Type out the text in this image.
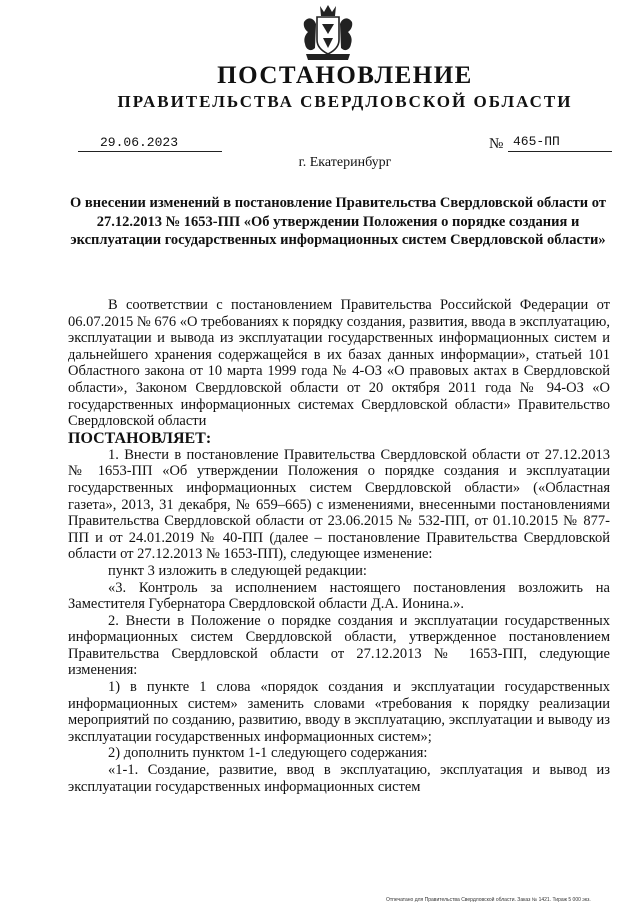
ПОСТАНОВЛЕНИЕ
ПРАВИТЕЛЬСТВА СВЕРДЛОВСКОЙ ОБЛАСТИ
29.06.2023	№ 465-ПП
г. Екатеринбург
О внесении изменений в постановление Правительства Свердловской области от 27.12.2013 № 1653-ПП «Об утверждении Положения о порядке создания и эксплуатации государственных информационных систем Свердловской области»

В соответствии с постановлением Правительства Российской Федерации от 06.07.2015 № 676 «О требованиях к порядку создания, развития, ввода в эксплуатацию, эксплуатации и вывода из эксплуатации государственных информационных систем и дальнейшего хранения содержащейся в их базах данных информации», статьей 101 Областного закона от 10 марта 1999 года № 4-ОЗ «О правовых актах в Свердловской области», Законом Свердловской области от 20 октября 2011 года № 94-ОЗ «О государственных информационных системах Свердловской области» Правительство Свердловской области

ПОСТАНОВЛЯЕТ:

1. Внести в постановление Правительства Свердловской области от 27.12.2013 № 1653-ПП «Об утверждении Положения о порядке создания и эксплуатации государственных информационных систем Свердловской области» («Областная газета», 2013, 31 декабря, № 659–665) с изменениями, внесенными постановлениями Правительства Свердловской области от 23.06.2015 № 532-ПП, от 01.10.2015 № 877-ПП и от 24.01.2019 № 40-ПП (далее – постановление Правительства Свердловской области от 27.12.2013 № 1653-ПП), следующее изменение:

пункт 3 изложить в следующей редакции:

«3. Контроль за исполнением настоящего постановления возложить на Заместителя Губернатора Свердловской области Д.А. Ионина.».

2. Внести в Положение о порядке создания и эксплуатации государственных информационных систем Свердловской области, утвержденное постановлением Правительства Свердловской области от 27.12.2013 № 1653-ПП, следующие изменения:

1) в пункте 1 слова «порядок создания и эксплуатации государственных информационных систем» заменить словами «требования к порядку реализации мероприятий по созданию, развитию, вводу в эксплуатацию, эксплуатации и выводу из эксплуатации государственных информационных систем»;

2) дополнить пунктом 1-1 следующего содержания:

«1-1. Создание, развитие, ввод в эксплуатацию, эксплуатация и вывод из эксплуатации государственных информационных систем

Отпечатано для Правительства Свердловской области. Заказ № 1421. Тираж 5 000 экз.
